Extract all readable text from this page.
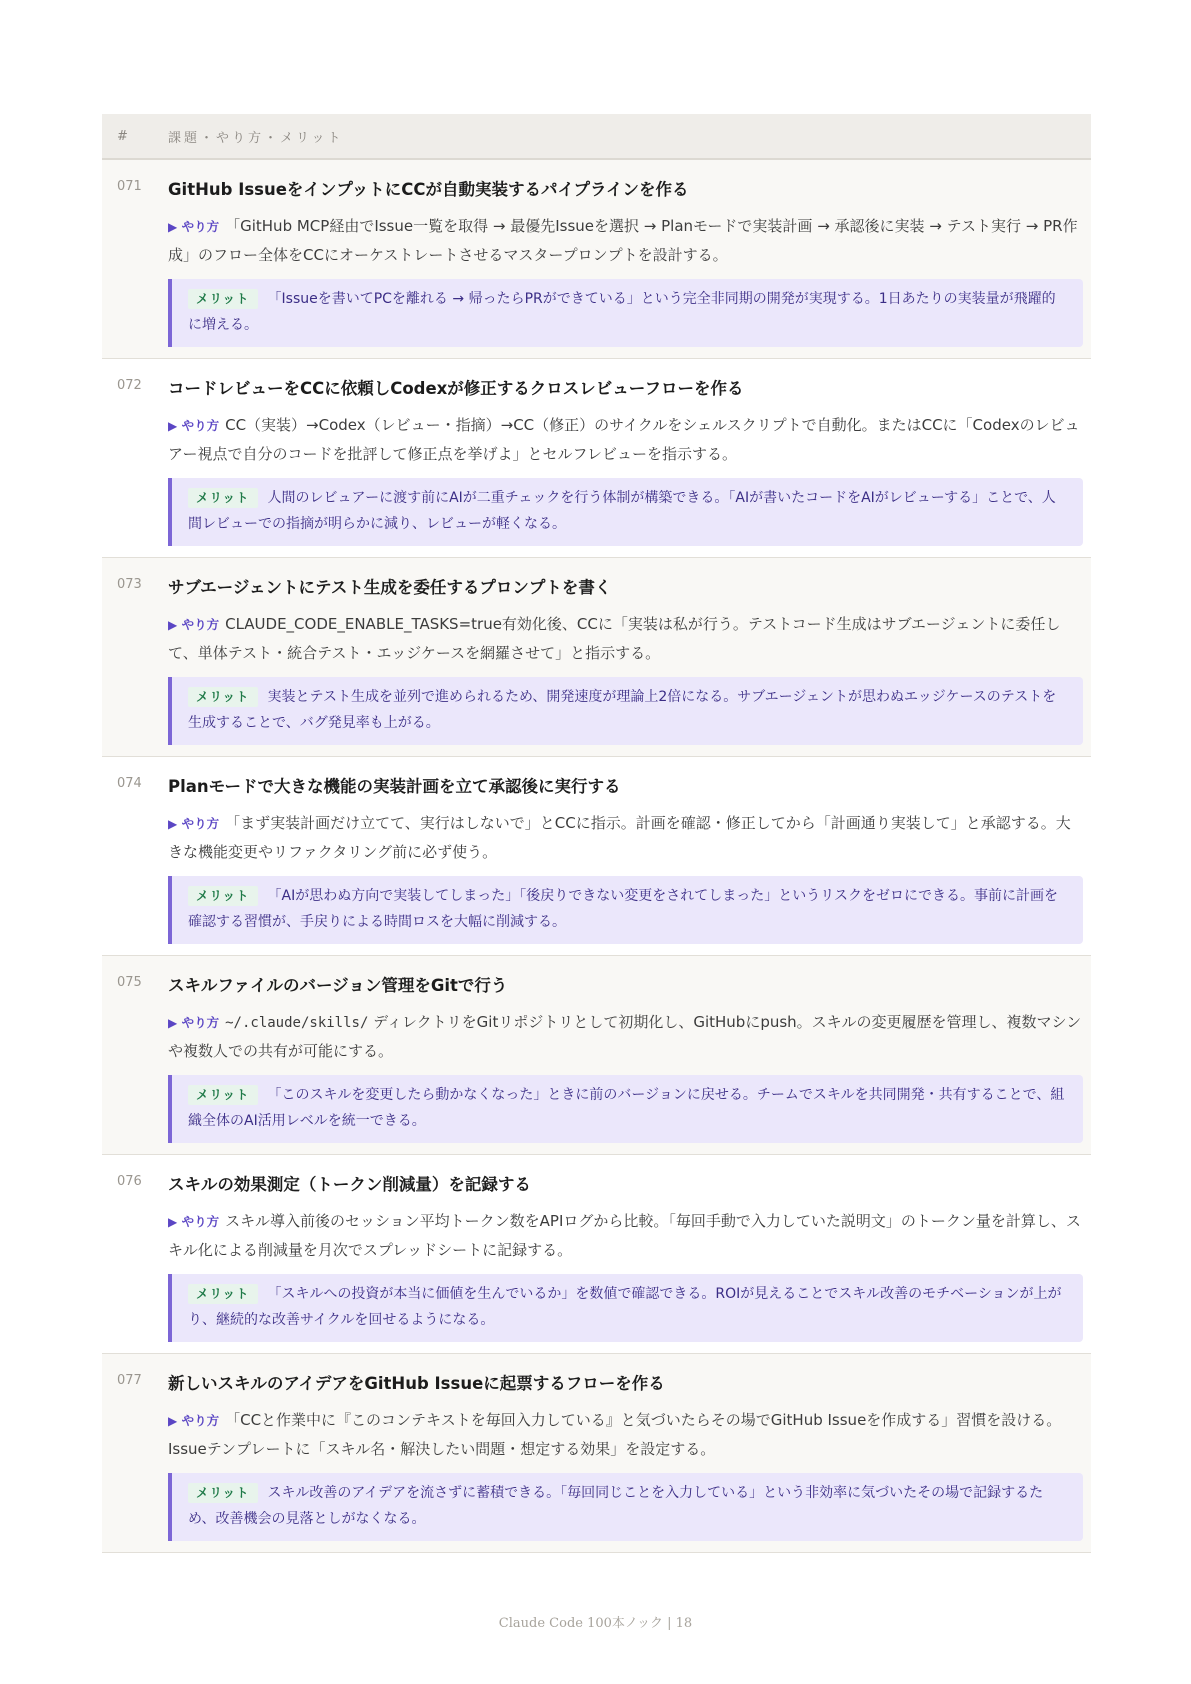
#	課題・やり方・メリット
071 GitHub IssueをインプットにCCが自動実装するパイプラインを作る
▶ やり方 「GitHub MCP経由でIssue一覧を取得 → 最優先Issueを選択 → Planモードで実装計画 → 承認後に実装 → テスト実行 → PR作成」のフロー全体をCCにオーケストレートさせるマスタープロンプトを設計する。
メリット 「Issueを書いてPCを離れる → 帰ったらPRができている」という完全非同期の開発が実現する。1日あたりの実装量が飛躍的に増える。
072 コードレビューをCCに依頼しCodexが修正するクロスレビューフローを作る
▶ やり方 CC（実装）→Codex（レビュー・指摘）→CC（修正）のサイクルをシェルスクリプトで自動化。またはCCに「Codexのレビュアー視点で自分のコードを批評して修正点を挙げよ」とセルフレビューを指示する。
メリット 人間のレビュアーに渡す前にAIが二重チェックを行う体制が構築できる。「AIが書いたコードをAIがレビューする」ことで、人間レビューでの指摘が明らかに減り、レビューが軽くなる。
073 サブエージェントにテスト生成を委任するプロンプトを書く
▶ やり方 CLAUDE_CODE_ENABLE_TASKS=true有効化後、CCに「実装は私が行う。テストコード生成はサブエージェントに委任して、単体テスト・統合テスト・エッジケースを網羅させて」と指示する。
メリット 実装とテスト生成を並列で進められるため、開発速度が理論上2倍になる。サブエージェントが思わぬエッジケースのテストを生成することで、バグ発見率も上がる。
074 Planモードで大きな機能の実装計画を立て承認後に実行する
▶ やり方 「まず実装計画だけ立てて、実行はしないで」とCCに指示。計画を確認・修正してから「計画通り実装して」と承認する。大きな機能変更やリファクタリング前に必ず使う。
メリット 「AIが思わぬ方向で実装してしまった」「後戻りできない変更をされてしまった」というリスクをゼロにできる。事前に計画を確認する習慣が、手戻りによる時間ロスを大幅に削減する。
075 スキルファイルのバージョン管理をGitで行う
▶ やり方 ~/.claude/skills/ ディレクトリをGitリポジトリとして初期化し、GitHubにpush。スキルの変更履歴を管理し、複数マシンや複数人での共有が可能にする。
メリット 「このスキルを変更したら動かなくなった」ときに前のバージョンに戻せる。チームでスキルを共同開発・共有することで、組織全体のAI活用レベルを統一できる。
076 スキルの効果測定（トークン削減量）を記録する
▶ やり方 スキル導入前後のセッション平均トークン数をAPIログから比較。「毎回手動で入力していた説明文」のトークン量を計算し、スキル化による削減量を月次でスプレッドシートに記録する。
メリット 「スキルへの投資が本当に価値を生んでいるか」を数値で確認できる。ROIが見えることでスキル改善のモチベーションが上がり、継続的な改善サイクルを回せるようになる。
077 新しいスキルのアイデアをGitHub Issueに起票するフローを作る
▶ やり方 「CCと作業中に『このコンテキストを毎回入力している』と気づいたらその場でGitHub Issueを作成する」習慣を設ける。Issueテンプレートに「スキル名・解決したい問題・想定する効果」を設定する。
メリット スキル改善のアイデアを流さずに蓄積できる。「毎回同じことを入力している」という非効率に気づいたその場で記録するため、改善機会の見落としがなくなる。
Claude Code 100本ノック | 18
